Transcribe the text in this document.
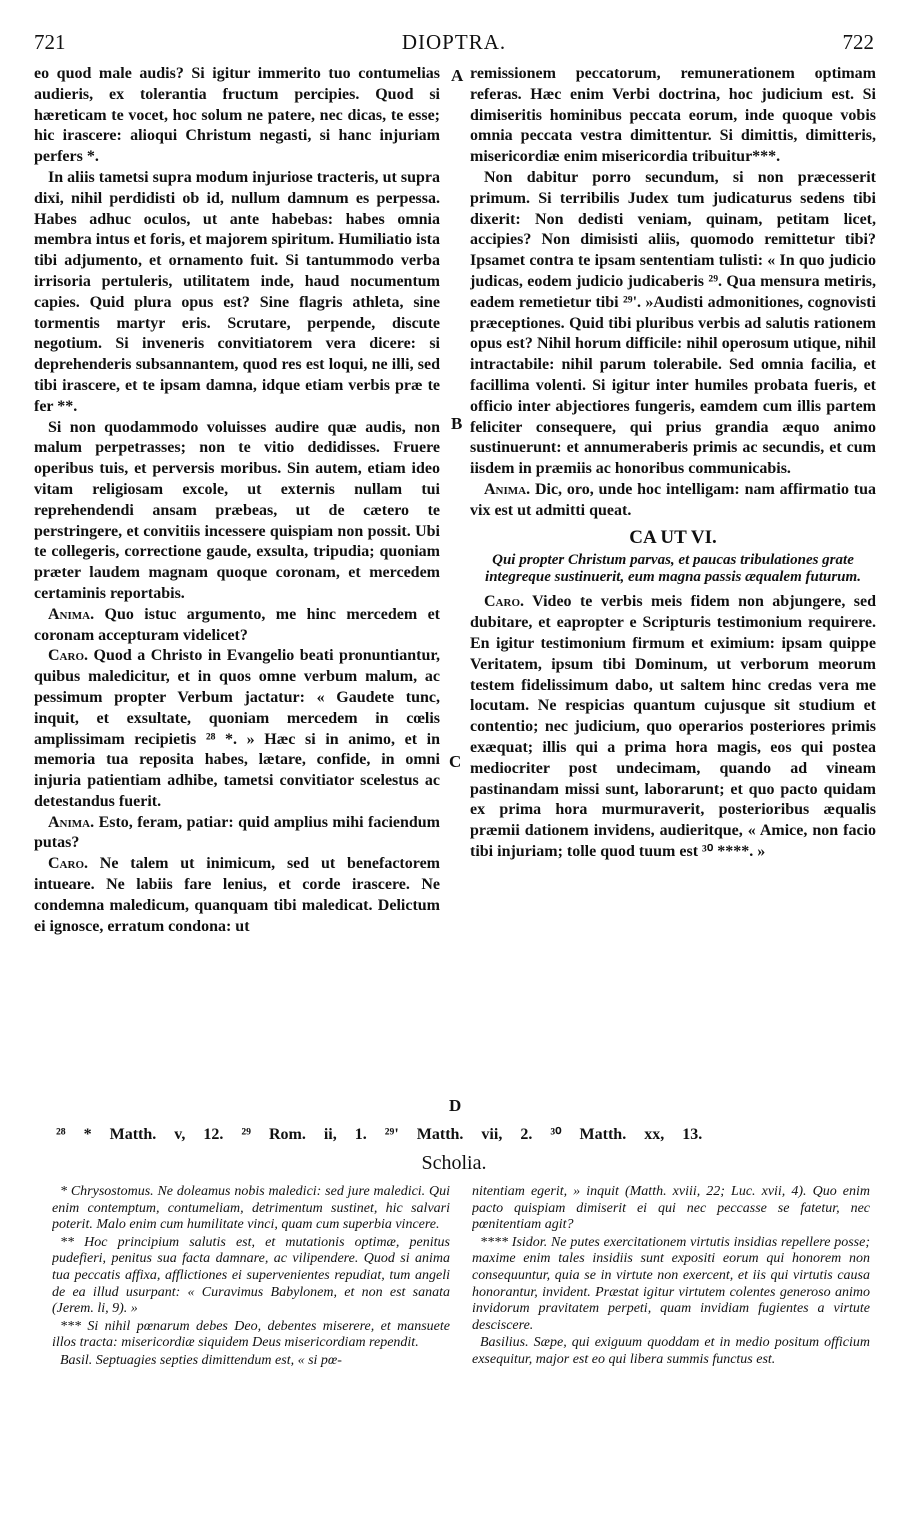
721	DIOPTRA.	722

eo quod male audis? Si igitur immerito tuo contumelias audieris, ex tolerantia fructum percipies. Quod si hæreticam te vocet, hoc solum ne patere, nec dicas, te esse; hic irascere: alioqui Christum negasti, si hanc injuriam perfers *.

In aliis tametsi supra modum injuriose tracteris, ut supra dixi, nihil perdidisti ob id, nullum damnum es perpessa. Habes adhuc oculos, ut ante habebas: habes omnia membra intus et foris, et majorem spiritum. Humiliatio ista tibi adjumento, et ornamento fuit. Si tantummodo verba irrisoria pertuleris, utilitatem inde, haud nocumentum capies. Quid plura opus est? Sine flagris athleta, sine tormentis martyr eris. Scrutare, perpende, discute negotium. Si inveneris convitiatorem vera dicere: si deprehenderis subsannantem, quod res est loqui, ne illi, sed tibi irascere, et te ipsam damna, idque etiam verbis præ te fer **.

Si non quodammodo voluisses audire quæ audis, non malum perpetrasses; non te vitio dedidisses. Fruere operibus tuis, et perversis moribus. Sin autem, etiam ideo vitam religiosam excole, ut externis nullam tui reprehendendi ansam præbeas, ut de cætero te perstringere, et convitiis incessere quispiam non possit. Ubi te collegeris, correctione gaude, exsulta, tripudia; quoniam præter laudem magnam quoque coronam, et mercedem certaminis reportabis.

Anima. Quo istuc argumento, me hinc mercedem et coronam accepturam videlicet?

Caro. Quod a Christo in Evangelio beati pronuntiantur, quibus maledicitur, et in quos omne verbum malum, ac pessimum propter Verbum jactatur: « Gaudete tunc, inquit, et exsultate, quoniam mercedem in cœlis amplissimam recipietis ²⁸ *. » Hæc si in animo, et in memoria tua reposita habes, lætare, confide, in omni injuria patientiam adhibe, tametsi convitiator scelestus ac detestandus fuerit.

Anima. Esto, feram, patiar: quid amplius mihi faciendum putas?

Caro. Ne talem ut inimicum, sed ut benefactorem intueare. Ne labiis fare lenius, et corde irascere. Ne condemna maledicum, quanquam tibi maledicat. Delictum ei ignosce, erratum condona: ut

A
B
C
D

remissionem peccatorum, remunerationem optimam referas. Hæc enim Verbi doctrina, hoc judicium est. Si dimiseritis hominibus peccata eorum, inde quoque vobis omnia peccata vestra dimittentur. Si dimittis, dimitteris, misericordiæ enim misericordia tribuitur***.

Non dabitur porro secundum, si non præcesserit primum. Si terribilis Judex tum judicaturus sedens tibi dixerit: Non dedisti veniam, quinam, petitam licet, accipies? Non dimisisti aliis, quomodo remittetur tibi? Ipsamet contra te ipsam sententiam tulisti: « In quo judicio judicas, eodem judicio judicaberis ²⁹. Qua mensura metiris, eadem remetietur tibi ²⁹'. »Audisti admonitiones, cognovisti præceptiones. Quid tibi pluribus verbis ad salutis rationem opus est? Nihil horum difficile: nihil operosum utique, nihil intractabile: nihil parum tolerabile. Sed omnia facilia, et facillima volenti. Si igitur inter humiles probata fueris, et officio inter abjectiores fungeris, eamdem cum illis partem feliciter consequere, qui prius grandia æquo animo sustinuerunt: et annumeraberis primis ac secundis, et cum iisdem in præmiis ac honoribus communicabis.

Anima. Dic, oro, unde hoc intelligam: nam affirmatio tua vix est ut admitti queat.

CA UT VI.
Qui propter Christum parvas, et paucas tribulationes grate integreque sustinuerit, eum magna passis æqualem futurum.

Caro. Video te verbis meis fidem non abjungere, sed dubitare, et eapropter e Scripturis testimonium requirere. En igitur testimonium firmum et eximium: ipsam quippe Veritatem, ipsum tibi Dominum, ut verborum meorum testem fidelissimum dabo, ut saltem hinc credas vera me locutam. Ne respicias quantum cujusque sit studium et contentio; nec judicium, quo operarios posteriores primis exæquat; illis qui a prima hora magis, eos qui postea mediocriter post undecimam, quando ad vineam pastinandam missi sunt, laborarunt; et quo pacto quidam ex prima hora murmuraverit, posterioribus æqualis præmii dationem invidens, audieritque, « Amice, non facio tibi injuriam; tolle quod tuum est ³⁰ ****. »

²⁸ * Matth. v, 12. ²⁹ Rom. ii, 1. ²⁹' Matth. vii, 2. ³⁰ Matth. xx, 13.
Scholia.

* Chrysostomus. Ne doleamus nobis maledici: sed jure maledici. Qui enim contemptum, contumeliam, detrimentum sustinet, hic salvari poterit. Malo enim cum humilitate vinci, quam cum superbia vincere.

** Hoc principium salutis est, et mutationis optimæ, penitus pudefieri, penitus sua facta damnare, ac vilipendere. Quod si anima tua peccatis affixa, afflictiones ei supervenientes repudiat, tum angeli de ea illud usurpant: « Curavimus Babylonem, et non est sanata (Jerem. li, 9). »

*** Si nihil pœnarum debes Deo, debentes miserere, et mansuete illos tracta: misericordiæ siquidem Deus misericordiam rependit.

Basil. Septuagies septies dimittendum est, « si pœ-

nitentiam egerit, » inquit (Matth. xviii, 22; Luc. xvii, 4). Quo enim pacto quispiam dimiserit ei qui nec peccasse se fatetur, nec pœnitentiam agit?

**** Isidor. Ne putes exercitationem virtutis insidias repellere posse; maxime enim tales insidiis sunt expositi eorum qui honorem non consequuntur, quia se in virtute non exercent, et iis qui virtutis causa honorantur, invident. Præstat igitur virtutem colentes generoso animo invidorum pravitatem perpeti, quam invidiam fugientes a virtute desciscere.

Basilius. Sæpe, qui exiguum quoddam et in medio positum officium exsequitur, major est eo qui libera summis functus est.
